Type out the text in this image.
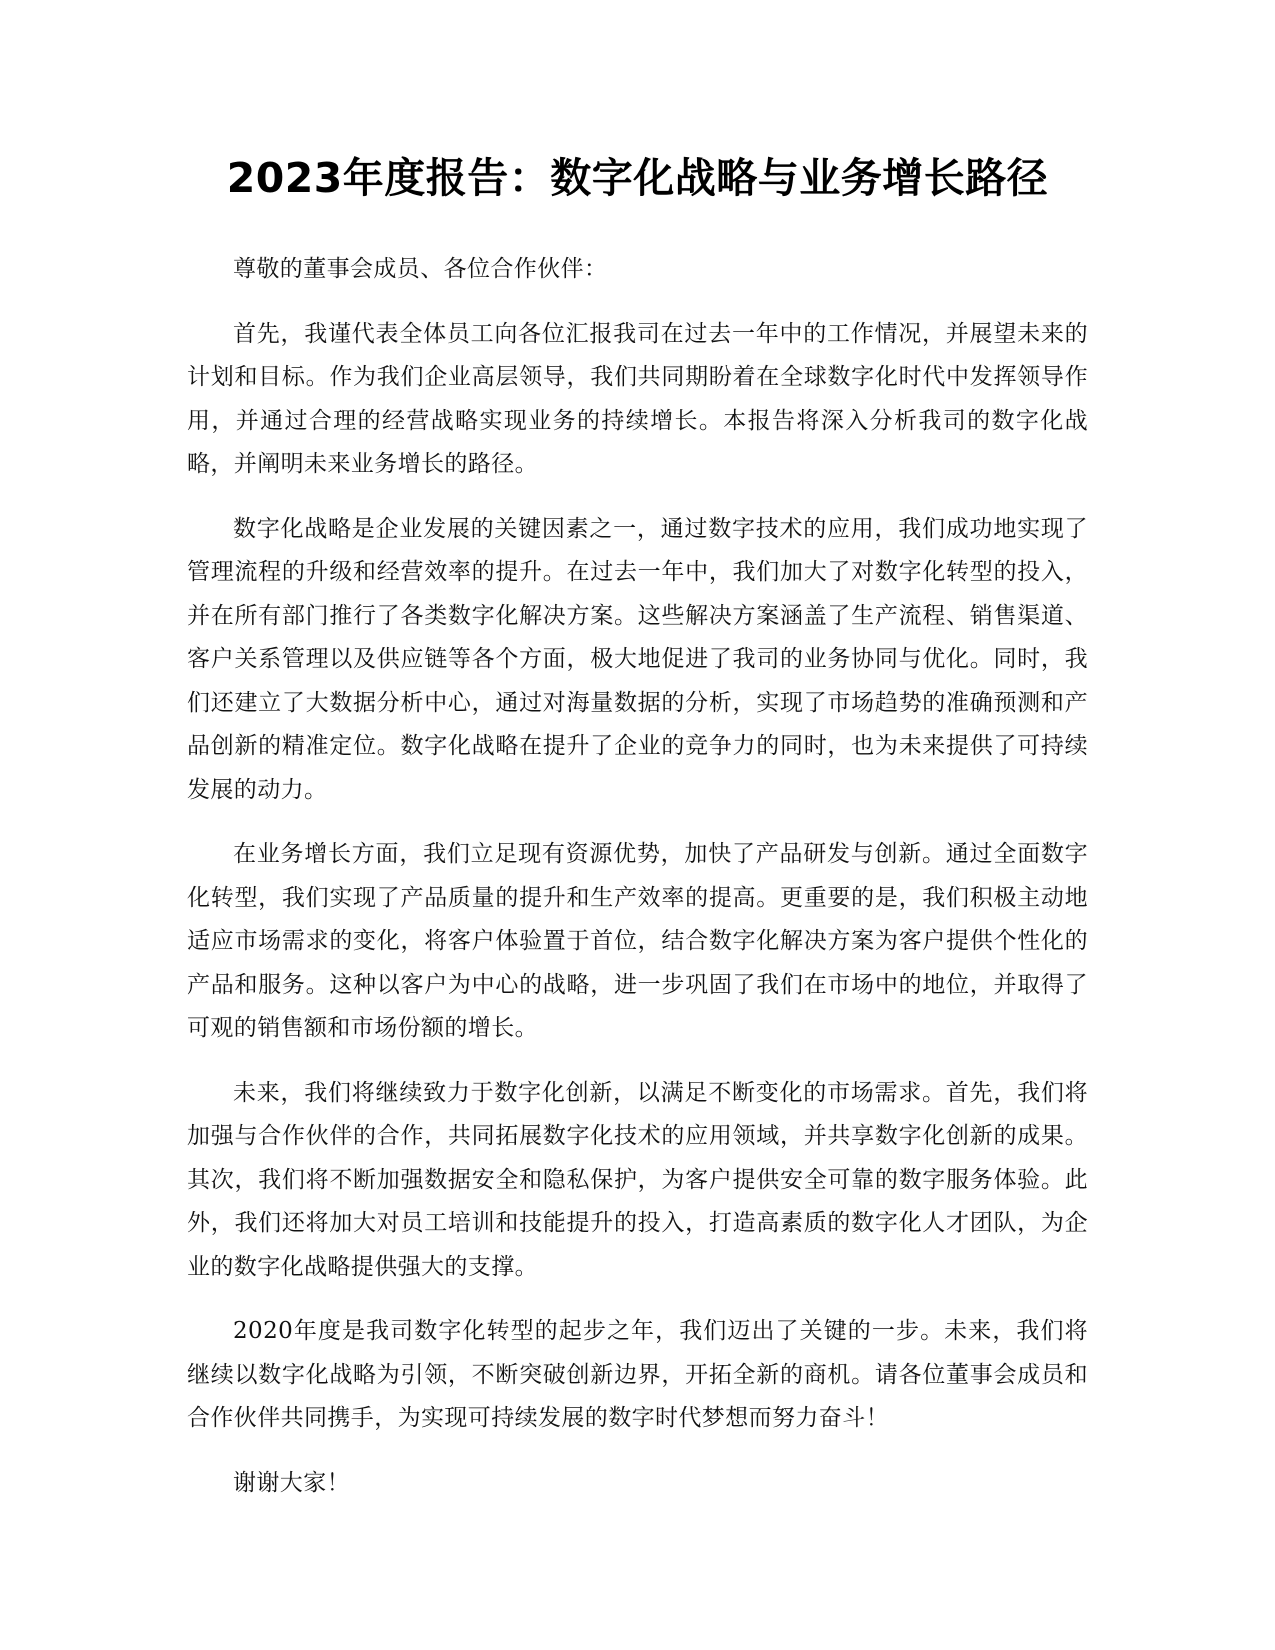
2023年度报告：数字化战略与业务增长路径

尊敬的董事会成员、各位合作伙伴：

首先，我谨代表全体员工向各位汇报我司在过去一年中的工作情况，并展望未来的计划和目标。作为我们企业高层领导，我们共同期盼着在全球数字化时代中发挥领导作用，并通过合理的经营战略实现业务的持续增长。本报告将深入分析我司的数字化战略，并阐明未来业务增长的路径。

数字化战略是企业发展的关键因素之一，通过数字技术的应用，我们成功地实现了管理流程的升级和经营效率的提升。在过去一年中，我们加大了对数字化转型的投入，并在所有部门推行了各类数字化解决方案。这些解决方案涵盖了生产流程、销售渠道、客户关系管理以及供应链等各个方面，极大地促进了我司的业务协同与优化。同时，我们还建立了大数据分析中心，通过对海量数据的分析，实现了市场趋势的准确预测和产品创新的精准定位。数字化战略在提升了企业的竞争力的同时，也为未来提供了可持续发展的动力。

在业务增长方面，我们立足现有资源优势，加快了产品研发与创新。通过全面数字化转型，我们实现了产品质量的提升和生产效率的提高。更重要的是，我们积极主动地适应市场需求的变化，将客户体验置于首位，结合数字化解决方案为客户提供个性化的产品和服务。这种以客户为中心的战略，进一步巩固了我们在市场中的地位，并取得了可观的销售额和市场份额的增长。

未来，我们将继续致力于数字化创新，以满足不断变化的市场需求。首先，我们将加强与合作伙伴的合作，共同拓展数字化技术的应用领域，并共享数字化创新的成果。其次，我们将不断加强数据安全和隐私保护，为客户提供安全可靠的数字服务体验。此外，我们还将加大对员工培训和技能提升的投入，打造高素质的数字化人才团队，为企业的数字化战略提供强大的支撑。

2020年度是我司数字化转型的起步之年，我们迈出了关键的一步。未来，我们将继续以数字化战略为引领，不断突破创新边界，开拓全新的商机。请各位董事会成员和合作伙伴共同携手，为实现可持续发展的数字时代梦想而努力奋斗！

谢谢大家！
